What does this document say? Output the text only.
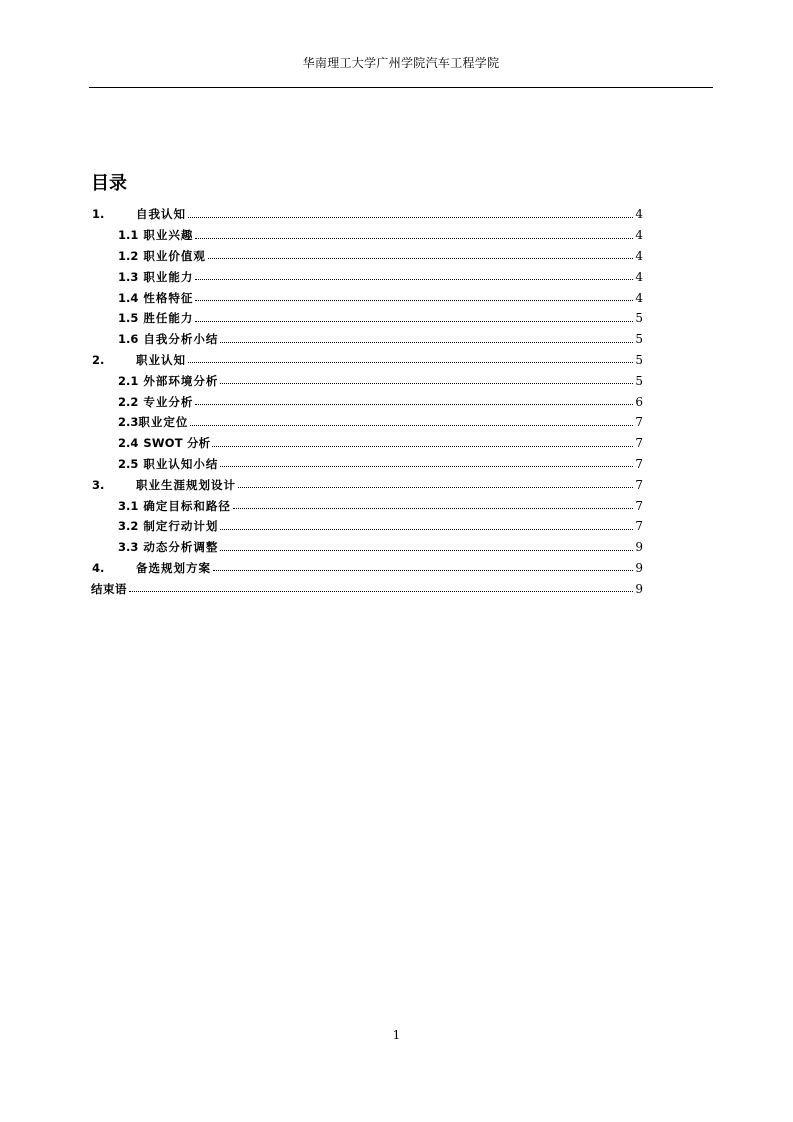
华南理工大学广州学院汽车工程学院
目录
1.	自我认知	4
1.1 职业兴趣	4
1.2 职业价值观	4
1.3 职业能力	4
1.4 性格特征	4
1.5 胜任能力	5
1.6 自我分析小结	5
2.	职业认知	5
2.1 外部环境分析	5
2.2 专业分析	6
2.3 职业定位	7
2.4 SWOT 分析	7
2.5 职业认知小结	7
3.	职业生涯规划设计	7
3.1 确定目标和路径	7
3.2 制定行动计划	7
3.3 动态分析调整	9
4.	备选规划方案	9
结束语	9
1
